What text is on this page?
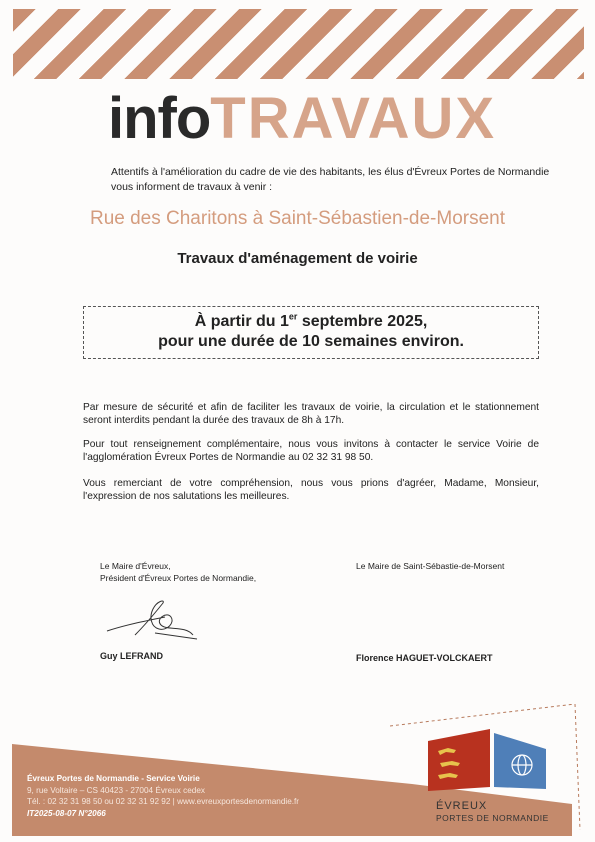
infoTRAVAUX
Attentifs à l'amélioration du cadre de vie des habitants, les élus d'Évreux Portes de Normandie vous informent de travaux à venir :
Rue des Charitons à Saint-Sébastien-de-Morsent
Travaux d'aménagement de voirie
À partir du 1er septembre 2025,
pour une durée de 10 semaines environ.
Par mesure de sécurité et afin de faciliter les travaux de voirie, la circulation et le stationnement seront interdits pendant la durée des travaux de 8h à 17h.
Pour tout renseignement complémentaire, nous vous invitons à contacter le service Voirie de l'agglomération Évreux Portes de Normandie au 02 32 31 98 50.
Vous remerciant de votre compréhension, nous vous prions d'agréer, Madame, Monsieur, l'expression de nos salutations les meilleures.
Le Maire d'Évreux,
Président d'Évreux Portes de Normandie,
Le Maire de Saint-Sébastie-de-Morsent
Guy LEFRAND	Florence HAGUET-VOLCKAERT
Évreux Portes de Normandie - Service Voirie
9, rue Voltaire – CS 40423 - 27004 Évreux cedex
Tél. : 02 32 31 98 50 ou 02 32 31 92 92 | www.evreuxportesdenormandie.fr
IT2025-08-07 N°2066
ÉVREUX
PORTES DE NORMANDIE
